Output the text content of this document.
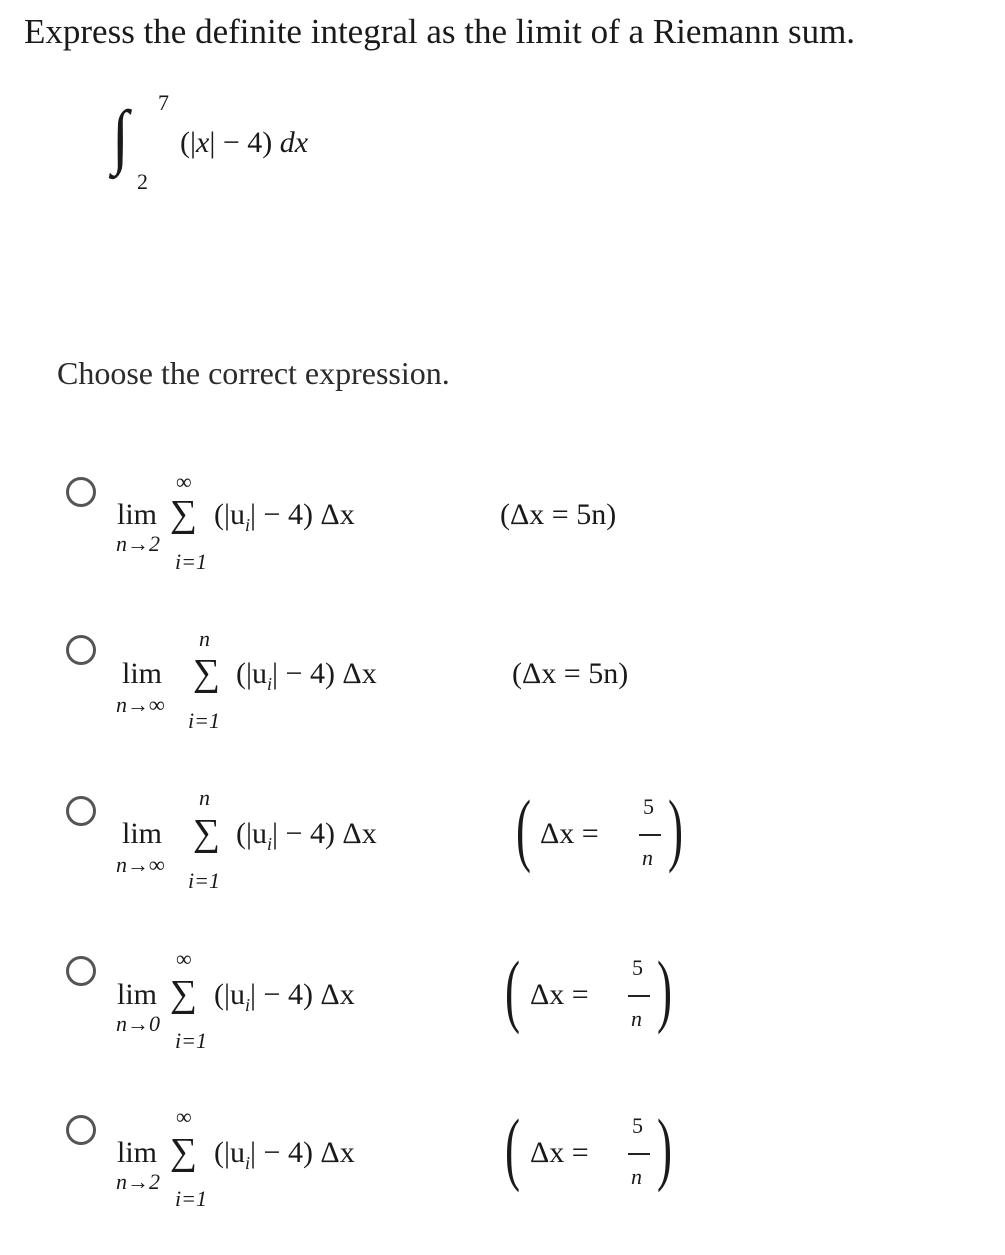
Express the definite integral as the limit of a Riemann sum.
∫ 7
2
(|x| − 4) dx
Choose the correct expression.
∞
lim ∑ $(|u_i| - 4)$ Δx
n→2
i=1
(Δx = 5n)
n
lim ∑ $(|u_i| - 4)$ Δx
n→∞
i=1
(Δx = 5n)
n
lim ∑ $(|u_i| - 4)$ Δx
n→∞
i=1
( Δx =
5
n )
∞
lim ∑ $(|u_i| - 4)$ Δx
n→0
i=1
( Δx =
5
n )
∞
lim ∑ $(|u_i| - 4)$ Δx
n→2
i=1
( Δx =
5
n )
